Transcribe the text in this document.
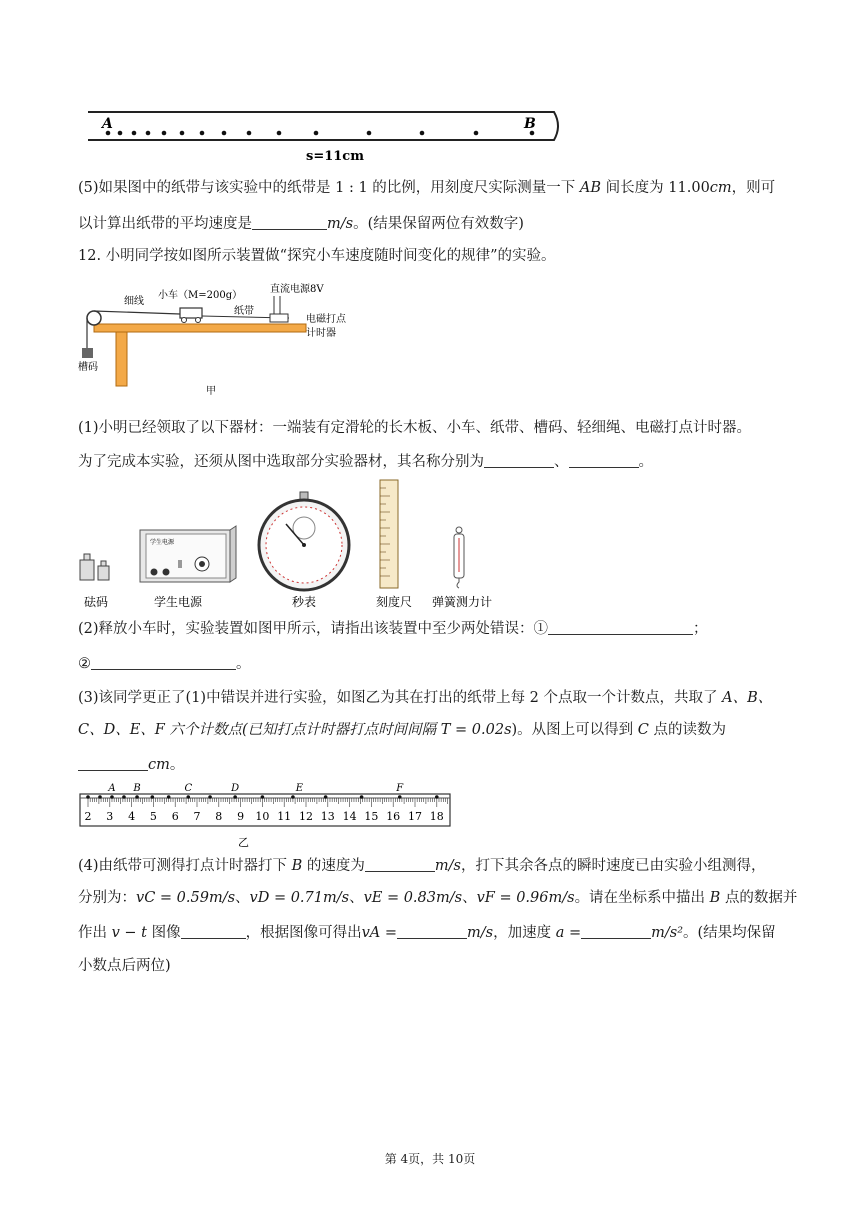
A	B
s=11cm
(5)如果图中的纸带与该实验中的纸带是 1 : 1 的比例，用刻度尺实际测量一下 AB 间长度为 11.00cm，则可
以计算出纸带的平均速度是	m/s。(结果保留两位有效数字)
12. 小明同学按如图所示装置做“探究小车速度随时间变化的规律”的实验。
细线
小车（M=200g）
直流电源8V
纸带
电磁打点
计时器
槽码
甲
(1)小明已经领取了以下器材：一端装有定滑轮的长木板、小车、纸带、槽码、轻细绳、电磁打点计时器。
为了完成本实验，还须从图中选取部分实验器材，其名称分别为	、	。
学生电源
砝码	学生电源	秒表	刻度尺 弹簧测力计
(2)释放小车时，实验装置如图甲所示，请指出该装置中至少两处错误：①	；
②	。
(3)该同学更正了(1)中错误并进行实验，如图乙为其在打出的纸带上每 2 个点取一个计数点，共取了 A、B、
C、D、E、F 六个计数点(已知打点计时器打点时间间隔 T = 0.02s)。从图上可以得到 C 点的读数为
cm。
2 3 4 5 6 7 8 9 10 11 12 13 14 15 16 17 18
A B	C	D	E	F
乙
(4)由纸带可测得打点计时器打下 B 的速度为	m/s，打下其余各点的瞬时速度已由实验小组测得，
分别为：vC = 0.59m/s、vD = 0.71m/s、vE = 0.83m/s、vF = 0.96m/s。请在坐标系中描出 B 点的数据并
作出 v − t 图像	，根据图像可得出vA =	m/s，加速度 a =	m/s²。(结果均保留
小数点后两位)
第 4页，共 10页
